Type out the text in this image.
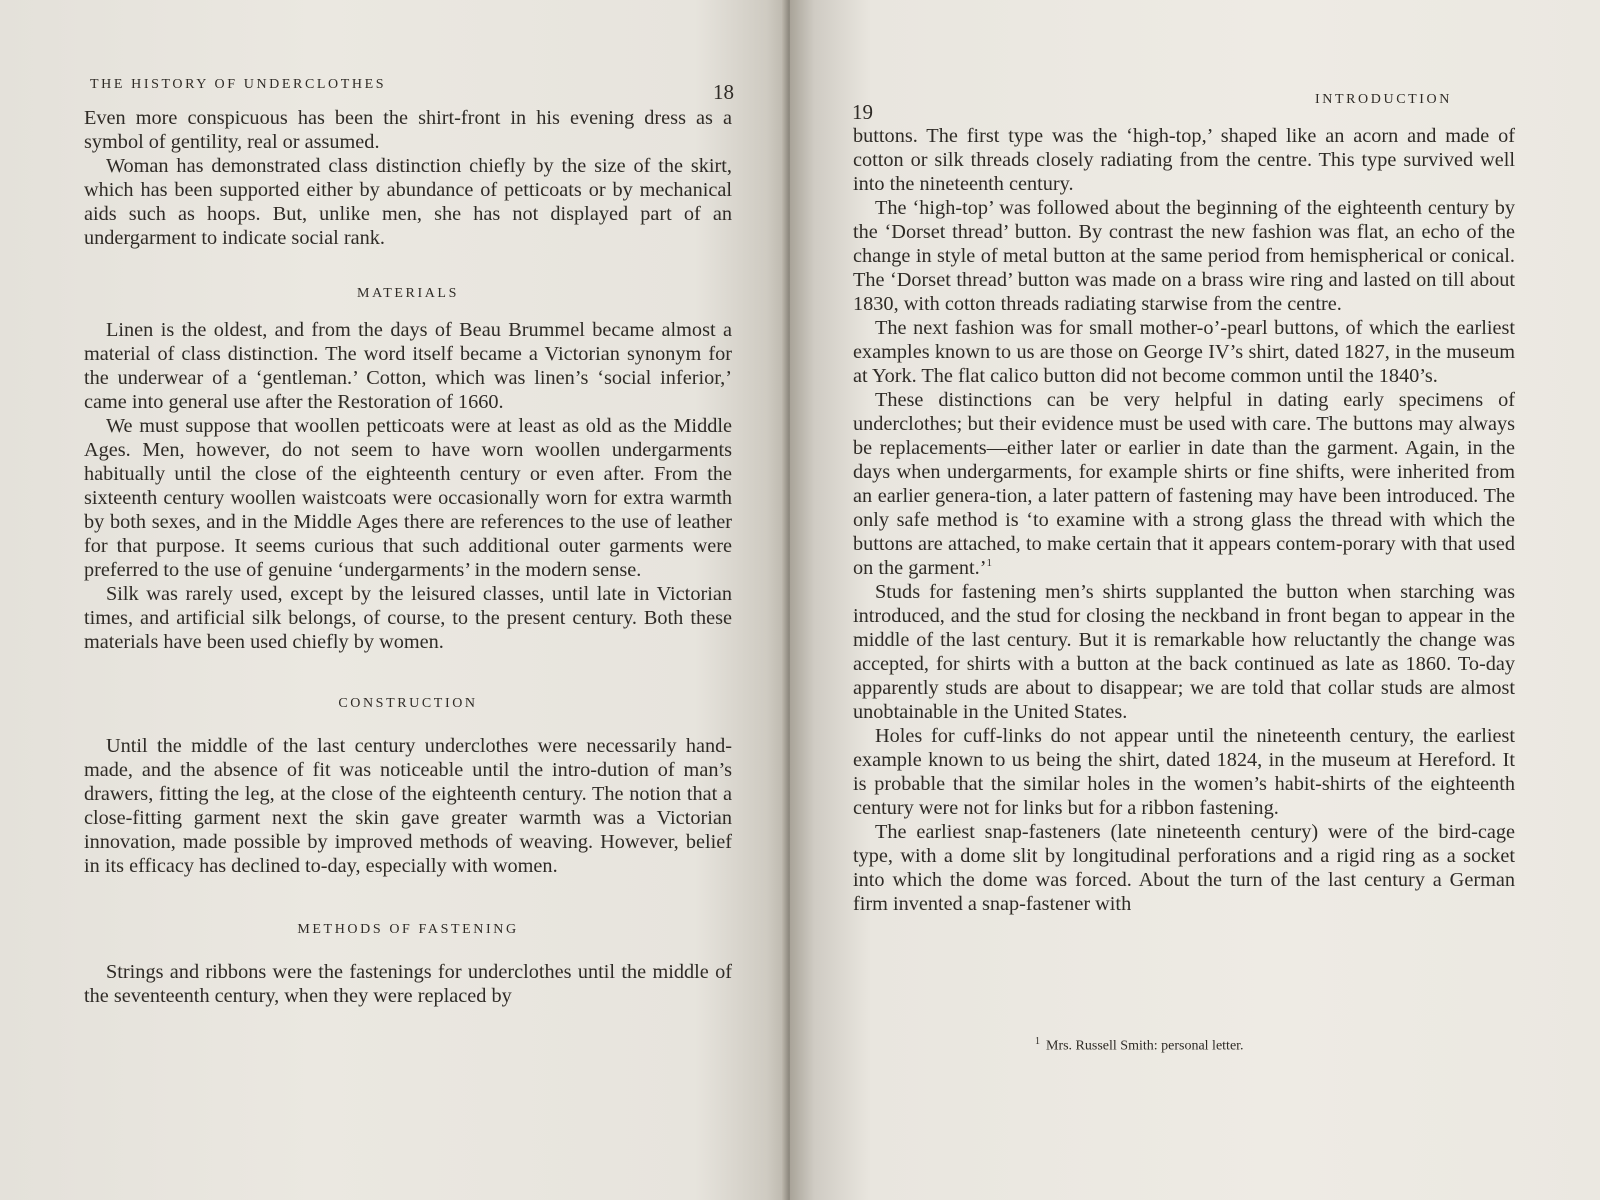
THE HISTORY OF UNDERCLOTHES	18

Even more conspicuous has been the shirt-front in his evening dress as a symbol of gentility, real or assumed.

Woman has demonstrated class distinction chiefly by the size of the skirt, which has been supported either by abundance of petticoats or by mechanical aids such as hoops. But, unlike men, she has not displayed part of an undergarment to indicate social rank.

MATERIALS

Linen is the oldest, and from the days of Beau Brummel became almost a material of class distinction. The word itself became a Victorian synonym for the underwear of a ‘gentleman.’ Cotton, which was linen’s ‘social inferior,’ came into general use after the Restoration of 1660.

We must suppose that woollen petticoats were at least as old as the Middle Ages. Men, however, do not seem to have worn woollen undergarments habitually until the close of the eighteenth century or even after. From the sixteenth century woollen waistcoats were occasionally worn for extra warmth by both sexes, and in the Middle Ages there are references to the use of leather for that purpose. It seems curious that such additional outer garments were preferred to the use of genuine ‘undergarments’ in the modern sense.

Silk was rarely used, except by the leisured classes, until late in Victorian times, and artificial silk belongs, of course, to the present century. Both these materials have been used chiefly by women.

CONSTRUCTION

Until the middle of the last century underclothes were necessarily hand-made, and the absence of fit was noticeable until the intro-dution of man’s drawers, fitting the leg, at the close of the eighteenth century. The notion that a close-fitting garment next the skin gave greater warmth was a Victorian innovation, made possible by improved methods of weaving. However, belief in its efficacy has declined to-day, especially with women.

METHODS OF FASTENING

Strings and ribbons were the fastenings for underclothes until the middle of the seventeenth century, when they were replaced by

19
INTRODUCTION

buttons. The first type was the ‘high-top,’ shaped like an acorn and made of cotton or silk threads closely radiating from the centre. This type survived well into the nineteenth century.

The ‘high-top’ was followed about the beginning of the eighteenth century by the ‘Dorset thread’ button. By contrast the new fashion was flat, an echo of the change in style of metal button at the same period from hemispherical or conical. The ‘Dorset thread’ button was made on a brass wire ring and lasted on till about 1830, with cotton threads radiating starwise from the centre.

The next fashion was for small mother-o’-pearl buttons, of which the earliest examples known to us are those on George IV’s shirt, dated 1827, in the museum at York. The flat calico button did not become common until the 1840’s.

These distinctions can be very helpful in dating early specimens of underclothes; but their evidence must be used with care. The buttons may always be replacements—either later or earlier in date than the garment. Again, in the days when undergarments, for example shirts or fine shifts, were inherited from an earlier genera-tion, a later pattern of fastening may have been introduced. The only safe method is ‘to examine with a strong glass the thread with which the buttons are attached, to make certain that it appears contem-porary with that used on the garment.’$^1$

Studs for fastening men’s shirts supplanted the button when starching was introduced, and the stud for closing the neckband in front began to appear in the middle of the last century. But it is remarkable how reluctantly the change was accepted, for shirts with a button at the back continued as late as 1860. To-day apparently studs are about to disappear; we are told that collar studs are almost unobtainable in the United States.

Holes for cuff-links do not appear until the nineteenth century, the earliest example known to us being the shirt, dated 1824, in the museum at Hereford. It is probable that the similar holes in the women’s habit-shirts of the eighteenth century were not for links but for a ribbon fastening.

The earliest snap-fasteners (late nineteenth century) were of the bird-cage type, with a dome slit by longitudinal perforations and a rigid ring as a socket into which the dome was forced. About the turn of the last century a German firm invented a snap-fastener with

$^1$ Mrs. Russell Smith: personal letter.
